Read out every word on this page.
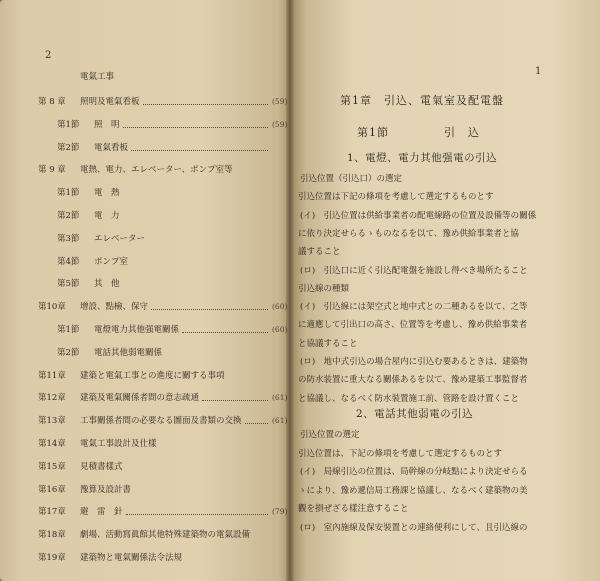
2
電氣工事
第 8 章 照明及電氣看板	(59)
第1節 照　明	(59)
第2節 電氣看板
第 9 章 電熱、電力、エレベーター、ポンプ室等
第1節 電　熱
第2節 電　力
第3節 エレベーター
第4節 ポンプ室
第5節 其　他
第10章 增設、點檢、保守	(60)
第1節 電燈電力其他强電關係	(60)
第2節 電話其他弱電關係
第11章 建築と電氣工事との進度に關する事項
第12章 建築及電氣關係者間の意志疏通	(61)
第13章 工事關係者間の必要なる圖面及書類の交換	(61)
第14章 電氣工事設計及仕樣
第15章 見積書樣式
第16章 豫算及設計書
第17章 避　雷　針	(79)
第18章 劇場、活動寫眞館其他特殊建築物の電氣設備
第19章 建築物と電氣關係法令法規
1
第1章　引込、電氣室及配電盤
第1節	引　込
1、電燈、電力其他强電の引込
引込位置（引込口）の選定
引込位置は下記の條項を考慮して選定するものとす
(イ)　引込位置は供給事業者の配電線路の位置及設備等の關係
に依り決定せらるゝものなるを以て、豫め供給事業者と協
議すること
(ロ)　引込口に近く引込配電盤を施設し得べき場所たること
引込線の種類
(イ)　引込線には架空式と地中式との二種あるを以て、之等
に適應して引出口の高さ、位置等を考慮し、豫め供給事業者
と協議すること
(ロ)　地中式引込の場合屋内に引込む要あるときは、建築物
の防水装置に重大なる關係あるを以て、豫め建築工事監督者
と協議し、なるべく防水裝置施工前、管路を設け置くこと
2、電話其他弱電の引込
引込位置の選定
引込位置は、下記の條項を考慮して選定するものとす
(イ)　局線引込の位置は、局幹線の分岐點により決定せらる
ゝにより、豫め遞信局工務課と協議し、なるべく建築物の美
觀を損ぜざる樣注意すること
(ロ)　室內施線及保安裝置との連絡便利にして、且引込線の
